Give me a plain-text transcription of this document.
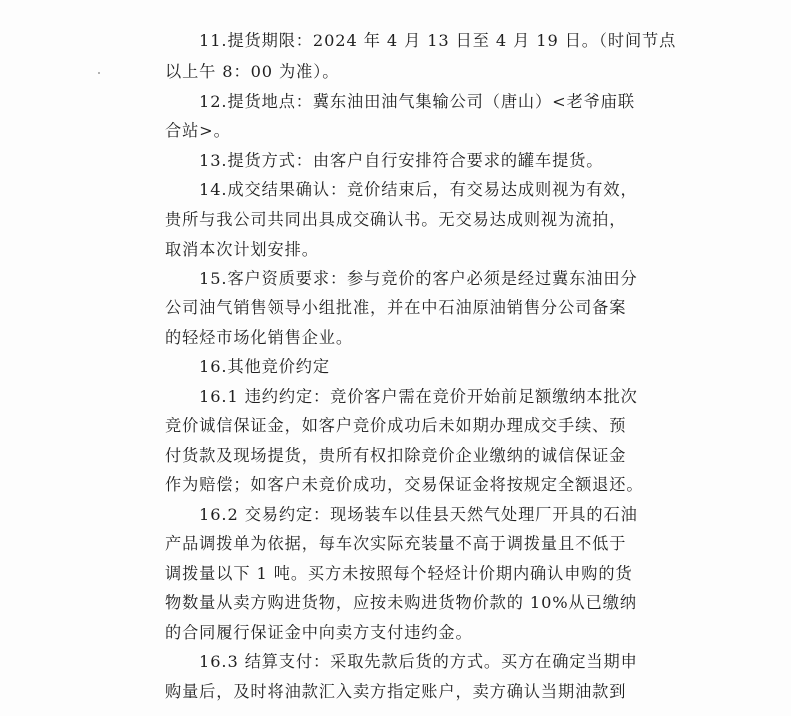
11.提货期限：2024 年 4 月 13 日至 4 月 19 日。（时间节点
以上午 8：00 为准）。
12.提货地点：冀东油田油气集输公司（唐山）<老爷庙联
合站>。
13.提货方式：由客户自行安排符合要求的罐车提货。
14.成交结果确认：竞价结束后，有交易达成则视为有效，
贵所与我公司共同出具成交确认书。无交易达成则视为流拍，
取消本次计划安排。
15.客户资质要求：参与竞价的客户必须是经过冀东油田分
公司油气销售领导小组批准，并在中石油原油销售分公司备案
的轻烃市场化销售企业。
16.其他竞价约定
16.1 违约约定：竞价客户需在竞价开始前足额缴纳本批次
竞价诚信保证金，如客户竞价成功后未如期办理成交手续、预
付货款及现场提货，贵所有权扣除竞价企业缴纳的诚信保证金
作为赔偿；如客户未竞价成功，交易保证金将按规定全额退还。
16.2 交易约定：现场装车以佳县天然气处理厂开具的石油
产品调拨单为依据，每车次实际充装量不高于调拨量且不低于
调拨量以下 1 吨。买方未按照每个轻烃计价期内确认申购的货
物数量从卖方购进货物，应按未购进货物价款的 10%从已缴纳
的合同履行保证金中向卖方支付违约金。
16.3 结算支付：采取先款后货的方式。买方在确定当期申
购量后，及时将油款汇入卖方指定账户，卖方确认当期油款到
